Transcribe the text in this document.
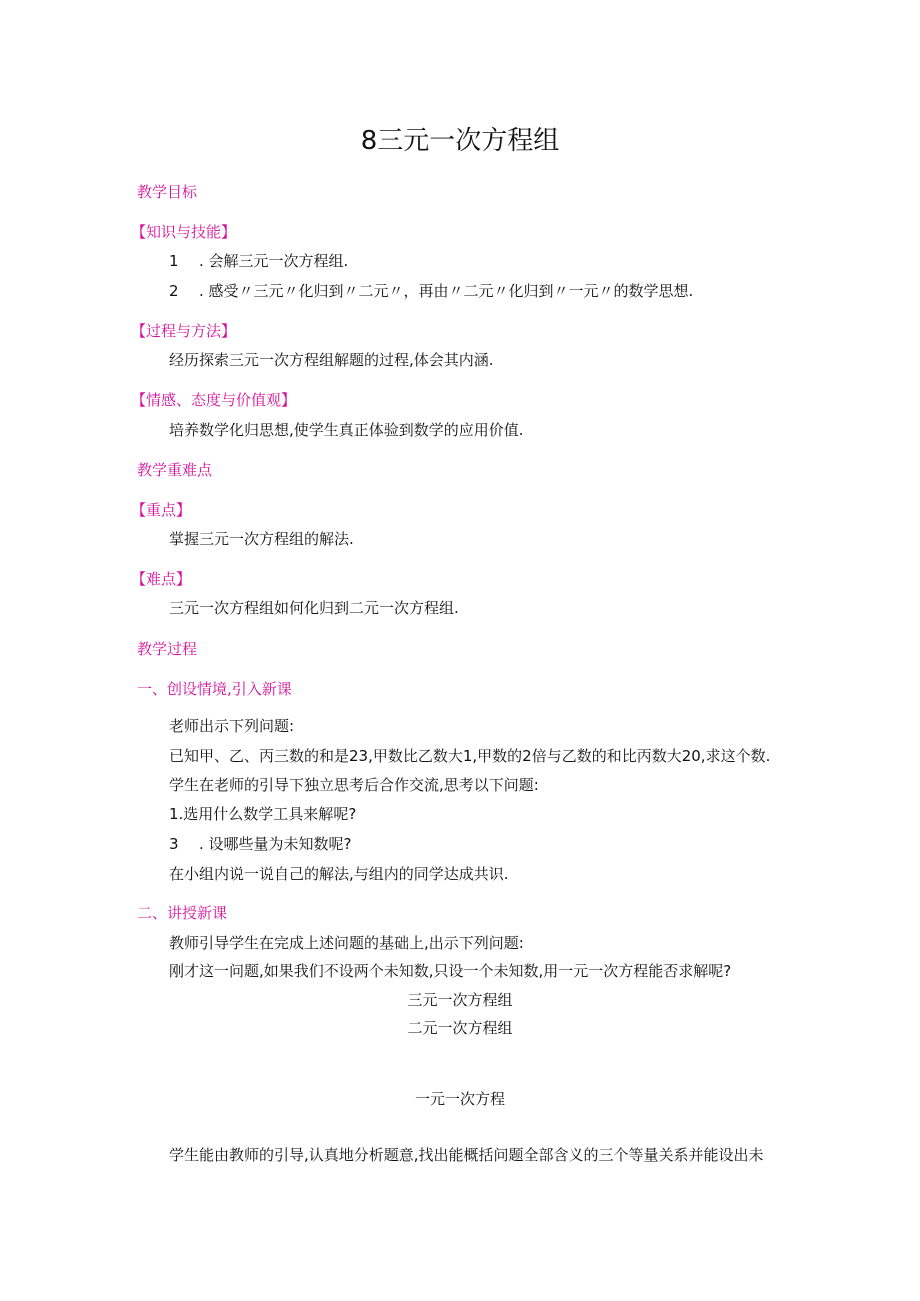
8三元一次方程组
教学目标
【知识与技能】
1 . 会解三元一次方程组.
2 . 感受〃三元〃化归到〃二元〃，再由〃二元〃化归到〃一元〃的数学思想.
【过程与方法】
经历探索三元一次方程组解题的过程,体会其内涵.
【情感、态度与价值观】
培养数学化归思想,使学生真正体验到数学的应用价值.
教学重难点
【重点】
掌握三元一次方程组的解法.
【难点】
三元一次方程组如何化归到二元一次方程组.
教学过程
一、创设情境,引入新课
老师出示下列问题:
已知甲、乙、丙三数的和是23,甲数比乙数大1,甲数的2倍与乙数的和比丙数大20,求这个数.
学生在老师的引导下独立思考后合作交流,思考以下问题:
1.选用什么数学工具来解呢?
3 . 设哪些量为未知数呢?
在小组内说一说自己的解法,与组内的同学达成共识.
二、讲授新课
教师引导学生在完成上述问题的基础上,出示下列问题:
刚才这一问题,如果我们不设两个未知数,只设一个未知数,用一元一次方程能否求解呢?
三元一次方程组
二元一次方程组
一元一次方程
学生能由教师的引导,认真地分析题意,找出能概括问题全部含义的三个等量关系并能设出未
